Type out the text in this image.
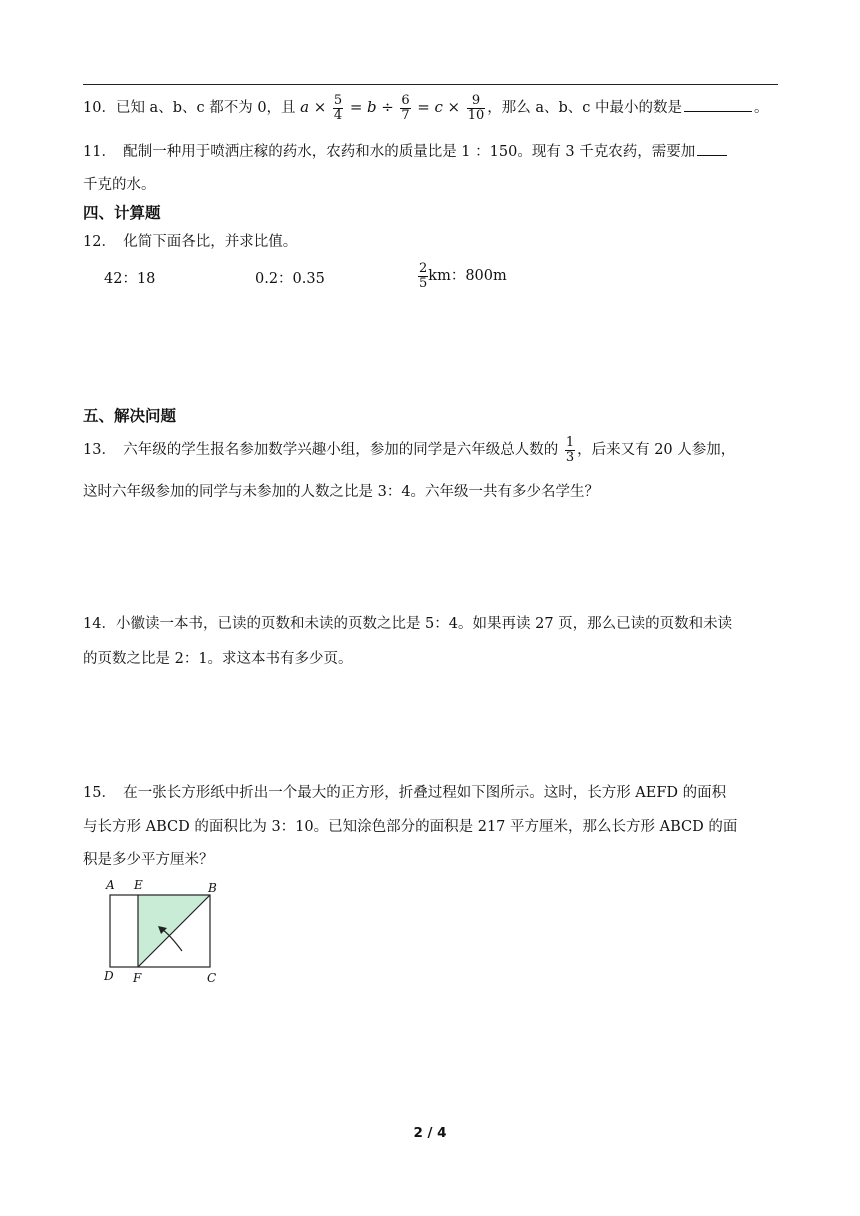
10．已知 a、b、c 都不为 0，且 $a \times \frac{5}{4} = b \div \frac{6}{7} = c \times \frac{9}{10}$ ，那么 a、b、c 中最小的数是	。
11．　配制一种用于喷洒庄稼的药水，农药和水的质量比是 1 ：150。现有 3 千克农药，需要加
千克的水。
四、计算题
12．　化简下面各比，并求比值。
42：18	0.2：0.35	$\frac{2}{5}$ km：800m
五、解决问题
13．　六年级的学生报名参加数学兴趣小组，参加的同学是六年级总人数的 $\frac{1}{3}$ ，后来又有 20 人参加，
这时六年级参加的同学与未参加的人数之比是 3：4。六年级一共有多少名学生？
14．小徽读一本书，已读的页数和未读的页数之比是 5：4。如果再读 27 页，那么已读的页数和未读
的页数之比是 2：1。求这本书有多少页。
15．　在一张长方形纸中折出一个最大的正方形，折叠过程如下图所示。这时，长方形 AEFD 的面积
与长方形 ABCD 的面积比为 3：10。已知涂色部分的面积是 217 平方厘米，那么长方形 ABCD 的面
积是多少平方厘米？
A E	B
D F	C
2 / 4
